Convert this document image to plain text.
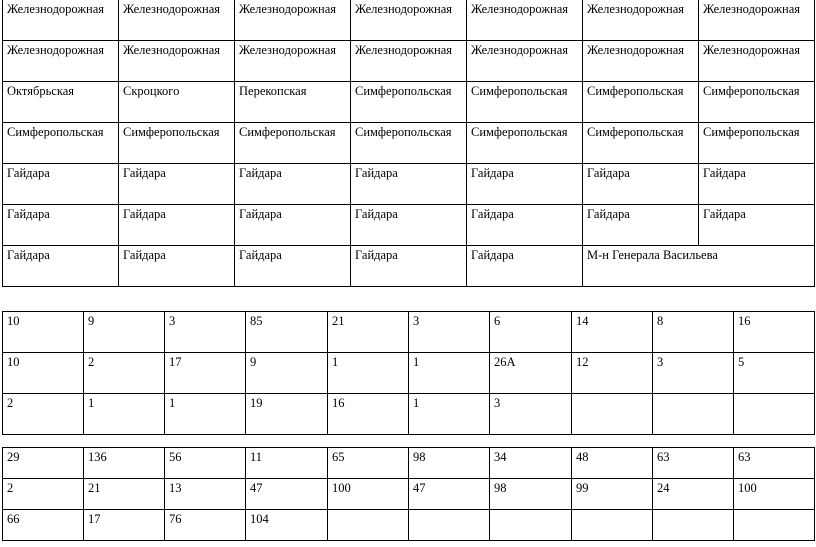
Железнодорожная	Железнодорожная	Железнодорожная	Железнодорожная	Железнодорожная	Железнодорожная	Железнодорожная
Железнодорожная	Железнодорожная	Железнодорожная	Железнодорожная	Железнодорожная	Железнодорожная	Железнодорожная
Октябрьская	Скроцкого	Перекопская	Симферопольская	Симферопольская	Симферопольская	Симферопольская
Симферопольская	Симферопольская	Симферопольская	Симферопольская	Симферопольская	Симферопольская	Симферопольская
Гайдара	Гайдара	Гайдара	Гайдара	Гайдара	Гайдара	Гайдара
Гайдара	Гайдара	Гайдара	Гайдара	Гайдара	Гайдара	Гайдара
Гайдара	Гайдара	Гайдара	Гайдара	Гайдара	М-н Генерала Васильева	
10	9	3	85	21	3	6	14	8	16
10	2	17	9	1	1	26А	12	3	5
2	1	1	19	16	1	3			
29	136	56	11	65	98	34	48	63	63
2	21	13	47	100	47	98	99	24	100
66	17	76	104						
